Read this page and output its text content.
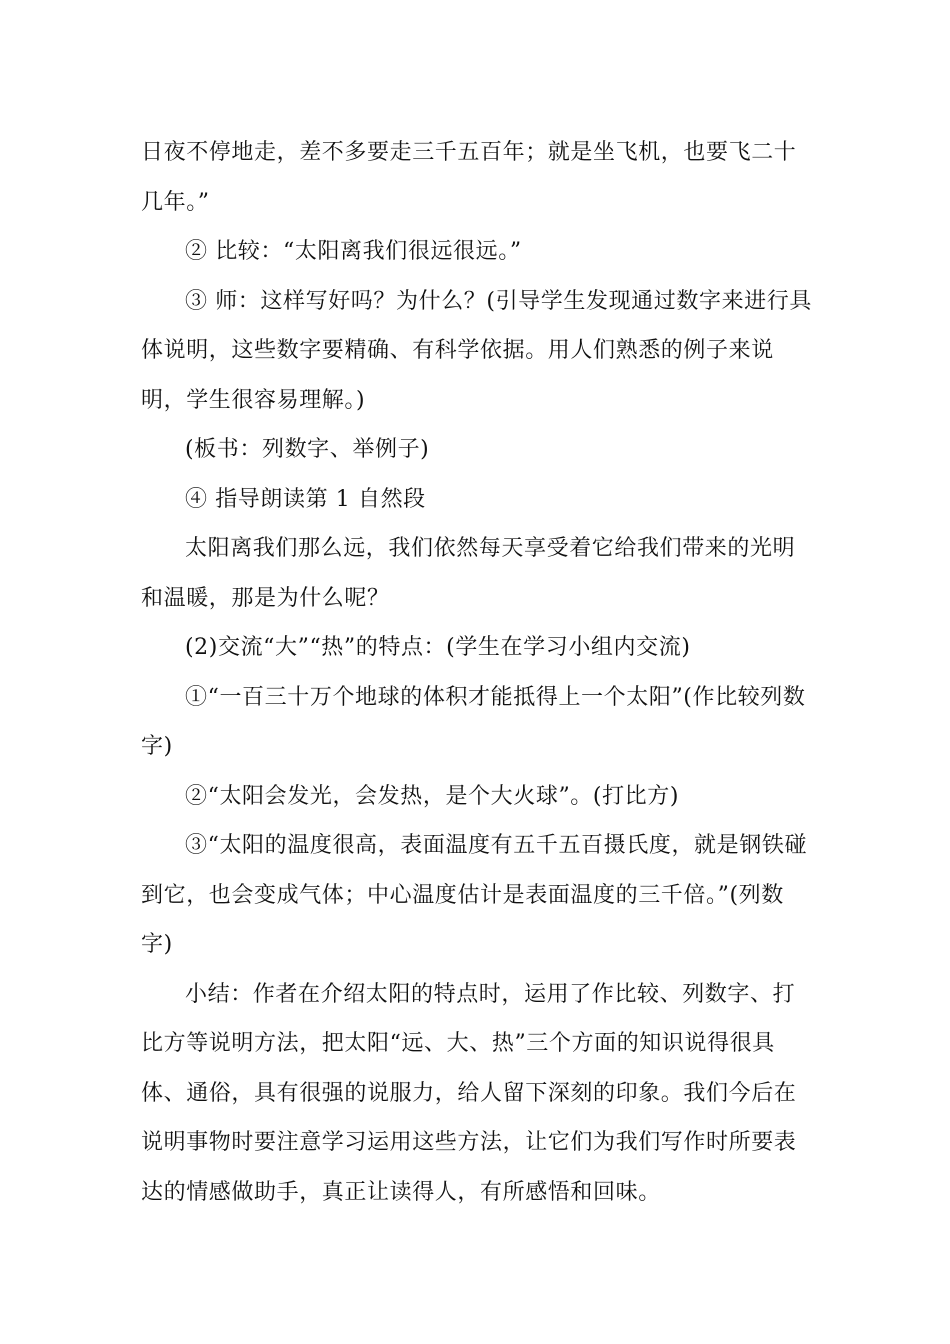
日夜不停地走，差不多要走三千五百年；就是坐飞机，也要飞二十几年。”

② 比较：“太阳离我们很远很远。”

③ 师：这样写好吗？为什么？(引导学生发现通过数字来进行具体说明，这些数字要精确、有科学依据。用人们熟悉的例子来说明，学生很容易理解。)

(板书：列数字、举例子)

④ 指导朗读第 1 自然段

太阳离我们那么远，我们依然每天享受着它给我们带来的光明和温暖，那是为什么呢？

(2)交流“大”“热”的特点：(学生在学习小组内交流)

①“一百三十万个地球的体积才能抵得上一个太阳”(作比较列数字)

②“太阳会发光，会发热，是个大火球”。(打比方)

③“太阳的温度很高，表面温度有五千五百摄氏度，就是钢铁碰到它，也会变成气体；中心温度估计是表面温度的三千倍。”(列数字)

小结：作者在介绍太阳的特点时，运用了作比较、列数字、打比方等说明方法，把太阳“远、大、热”三个方面的知识说得很具体、通俗，具有很强的说服力，给人留下深刻的印象。我们今后在说明事物时要注意学习运用这些方法，让它们为我们写作时所要表达的情感做助手，真正让读得人，有所感悟和回味。
